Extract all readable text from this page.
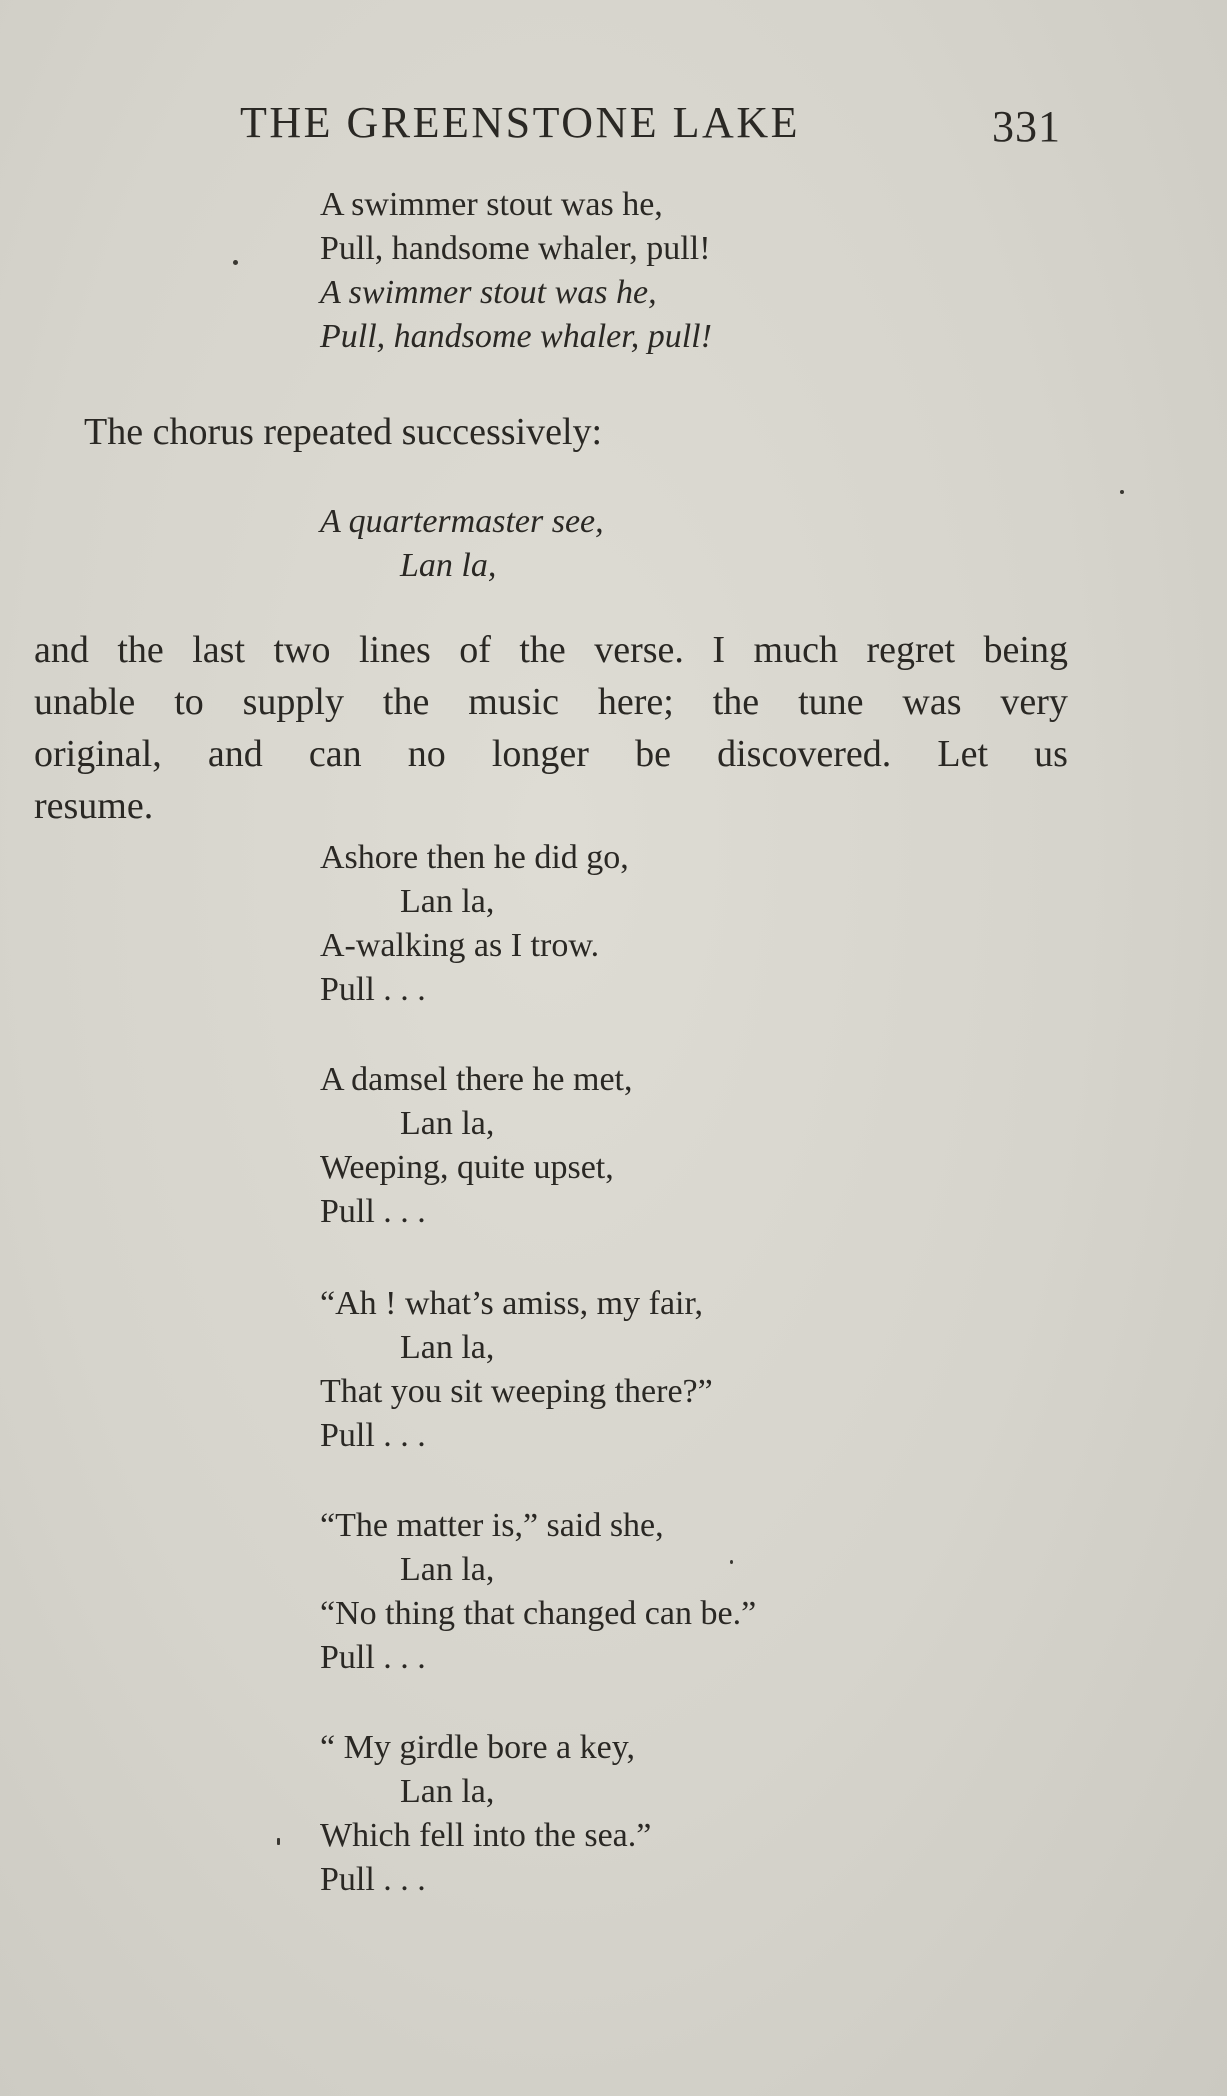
THE GREENSTONE LAKE	331
A swimmer stout was he,
Pull, handsome whaler, pull!
A swimmer stout was he,
Pull, handsome whaler, pull!
The chorus repeated successively:
A quartermaster see,
Lan la,
and the last two lines of the verse. I much regret being
unable to supply the music here; the tune was very
original, and can no longer be discovered. Let us
resume.
Ashore then he did go,
Lan la,
A-walking as I trow.
Pull . . .
A damsel there he met,
Lan la,
Weeping, quite upset,
Pull . . .
“Ah ! what’s amiss, my fair,
Lan la,
That you sit weeping there?”
Pull . . .
“The matter is,” said she,
Lan la,
“No thing that changed can be.”
Pull . . .
“ My girdle bore a key,
Lan la,
Which fell into the sea.”
Pull . . .
